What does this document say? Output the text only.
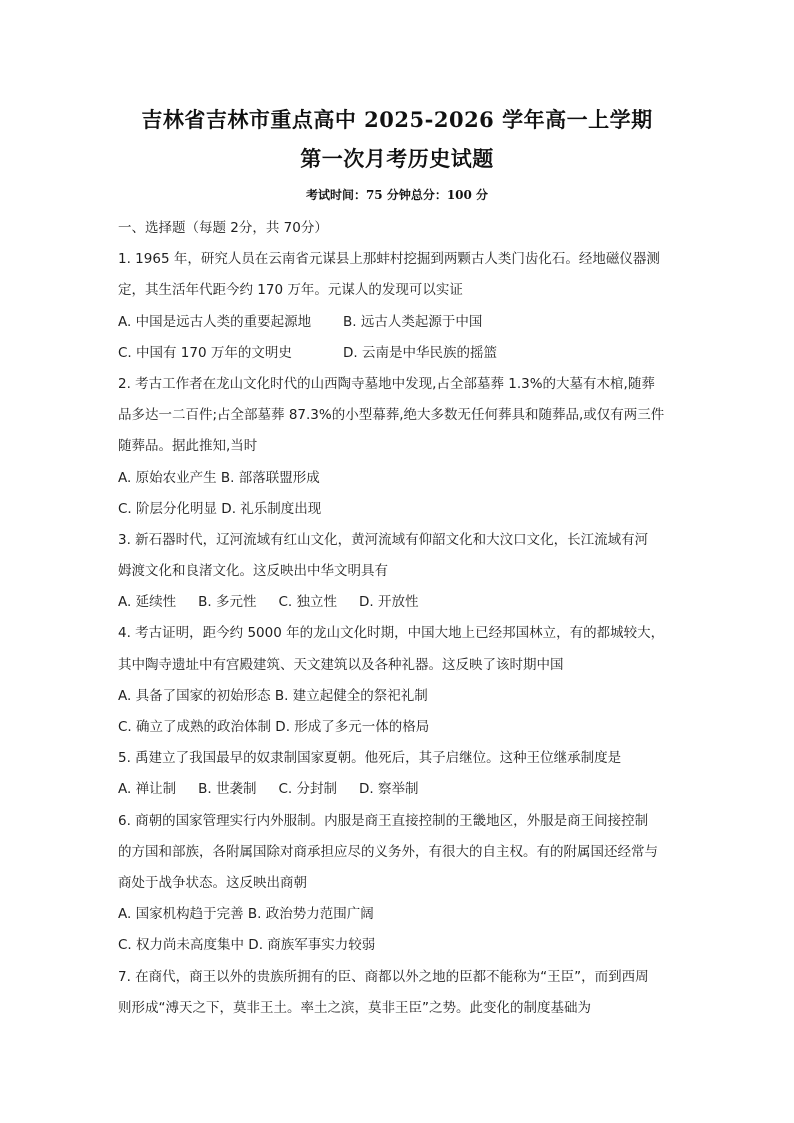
吉林省吉林市重点高中 2025-2026 学年高一上学期
第一次月考历史试题
考试时间：75 分钟总分：100 分
一、选择题（每题 2分，共 70分）
1. 1965 年，研究人员在云南省元谋县上那蚌村挖掘到两颗古人类门齿化石。经地磁仪器测
定，其生活年代距今约 170 万年。元谋人的发现可以实证
A. 中国是远古人类的重要起源地	B. 远古人类起源于中国
C. 中国有 170 万年的文明史	D. 云南是中华民族的摇篮
2. 考古工作者在龙山文化时代的山西陶寺墓地中发现,占全部墓葬 1.3%的大墓有木棺,随葬
品多达一二百件;占全部墓葬 87.3%的小型幕葬,绝大多数无任何葬具和随葬品,或仅有两三件
随葬品。据此推知,当时
A. 原始农业产生 B. 部落联盟形成
C. 阶层分化明显 D. 礼乐制度出现
3. 新石器时代，辽河流域有红山文化，黄河流域有仰韶文化和大汶口文化，长江流域有河
姆渡文化和良渚文化。这反映出中华文明具有
A. 延续性 B. 多元性 C. 独立性 D. 开放性
4. 考古证明，距今约 5000 年的龙山文化时期，中国大地上已经邦国林立，有的都城较大，
其中陶寺遗址中有宫殿建筑、天文建筑以及各种礼器。这反映了该时期中国
A. 具备了国家的初始形态 B. 建立起健全的祭祀礼制
C. 确立了成熟的政治体制 D. 形成了多元一体的格局
5. 禹建立了我国最早的奴隶制国家夏朝。他死后，其子启继位。这种王位继承制度是
A. 禅让制 B. 世袭制 C. 分封制 D. 察举制
6. 商朝的国家管理实行内外服制。内服是商王直接控制的王畿地区，外服是商王间接控制
的方国和部族，各附属国除对商承担应尽的义务外，有很大的自主权。有的附属国还经常与
商处于战争状态。这反映出商朝
A. 国家机构趋于完善 B. 政治势力范围广阔
C. 权力尚未高度集中 D. 商族军事实力较弱
7. 在商代，商王以外的贵族所拥有的臣、商都以外之地的臣都不能称为“王臣”，而到西周
则形成“溥天之下，莫非王土。率土之滨，莫非王臣”之势。此变化的制度基础为
